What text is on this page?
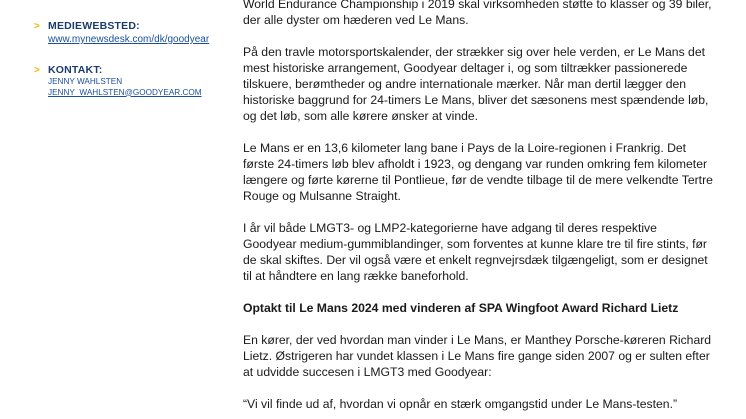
> MEDIEWEBSTED:
www.mynewsdesk.com/dk/goodyear
> KONTAKT:
JENNY WAHLSTEN
JENNY_WAHLSTEN@GOODYEAR.COM

World Endurance Championship i 2019 skal virksomheden støtte to klasser og 39 biler, der alle dyster om hæderen ved Le Mans.

På den travle motorsportskalender, der strækker sig over hele verden, er Le Mans det mest historiske arrangement, Goodyear deltager i, og som tiltrækker passionerede tilskuere, berømtheder og andre internationale mærker. Når man dertil lægger den historiske baggrund for 24-timers Le Mans, bliver det sæsonens mest spændende løb, og det løb, som alle kørere ønsker at vinde.

Le Mans er en 13,6 kilometer lang bane i Pays de la Loire-regionen i Frankrig. Det første 24-timers løb blev afholdt i 1923, og dengang var runden omkring fem kilometer længere og førte kørerne til Pontlieue, før de vendte tilbage til de mere velkendte Tertre Rouge og Mulsanne Straight.

I år vil både LMGT3- og LMP2-kategorierne have adgang til deres respektive Goodyear medium-gummiblandinger, som forventes at kunne klare tre til fire stints, før de skal skiftes. Der vil også være et enkelt regnvejrsdæk tilgængeligt, som er designet til at håndtere en lang række baneforhold.

Optakt til Le Mans 2024 med vinderen af SPA Wingfoot Award Richard Lietz

En kører, der ved hvordan man vinder i Le Mans, er Manthey Porsche-køreren Richard Lietz. Østrigeren har vundet klassen i Le Mans fire gange siden 2007 og er sulten efter at udvidde succesen i LMGT3 med Goodyear:

“Vi vil finde ud af, hvordan vi opnår en stærk omgangstid under Le Mans-testen.”
